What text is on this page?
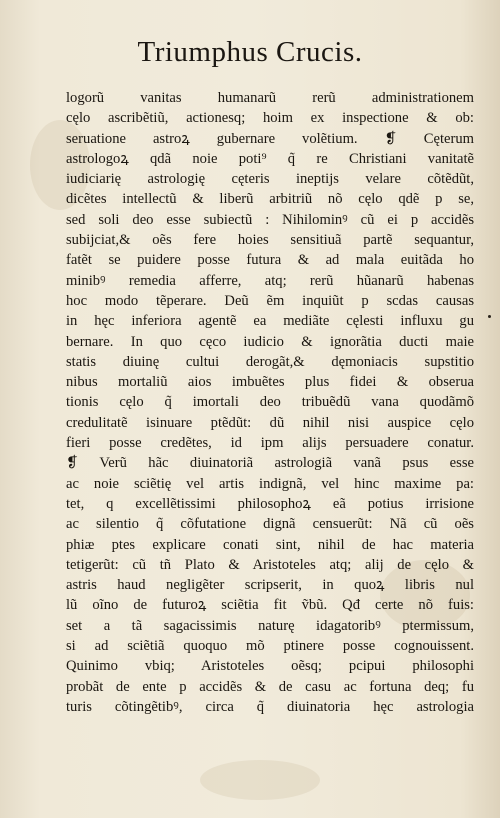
Triumphus Crucis.
logorũ vanitas humanarũ rerũ administrationem
cęlo ascribẽtiũ, actionesq; hoim ex inspectione & ob:
seruatione astroꝝ gubernare volẽtium. ❡ Cęterum
astrologoꝝ qdã noie poti⁹ q̃ re Christiani vanitatẽ
iudiciarię astrologię cęteris ineptijs velare cõtẽdũt,
dicẽtes intellectũ & liberũ arbitriũ nõ cęlo qdẽ p se,
sed soli deo esse subiectũ : Nihilominꝰ cũ ei p accidẽs
subijciat,& oẽs fere hoies sensitiuã partẽ sequantur,
fatẽt se puidere posse futura & ad mala euitãda ho
minibꝰ remedia afferre, atq; rerũ hũanarũ habenas
hoc modo tẽperare. Deũ ẽm inquiũt p scdas causas
in hęc inferiora agentẽ ea mediãte cęlesti influxu gu
bernare. In quo cęco iudicio & ignorãtia ducti maie
statis diuinę cultui derogãt,& dęmoniacis supstitio
nibus mortaliũ aios imbuẽtes plus fidei & obserua
tionis cęlo q̃ imortali deo tribuẽdũ vana quodãmõ
credulitatẽ isinuare ptẽdũt: dũ nihil nisi auspice cęlo
fieri posse credẽtes, id ipm alijs persuadere conatur.
❡ Verũ hãc diuinatoriã astrologiã vanã psus esse
ac noie sciẽtię vel artis indignã, vel hinc maxime pa:
tet, q excellẽtissimi philosophoꝝ eã potius irrisione
ac silentio q̃ cõfutatione dignã censuerũt: Nã cũ oẽs
phiæ ptes explicare conati sint, nihil de hac materia
tetigerũt: cũ tñ Plato & Aristoteles atq; alij de cęlo &
astris haud negligẽter scripserit, in quoꝝ libris nul
lũ oĩno de futuroꝝ sciẽtia fit ṽbũ. Qđ certe nõ fuis:
set a tã sagacissimis naturę idagatoribꝰ ptermissum,
si ad sciẽtiã quoquo mõ ptinere posse cognouissent.
Quinimo vbiq; Aristoteles oẽsq; pcipui philosophi
probãt de ente p accidẽs & de casu ac fortuna deq; fu
turis cõtingẽtibꝰ, circa q̃ diuinatoria hęc astrologia
